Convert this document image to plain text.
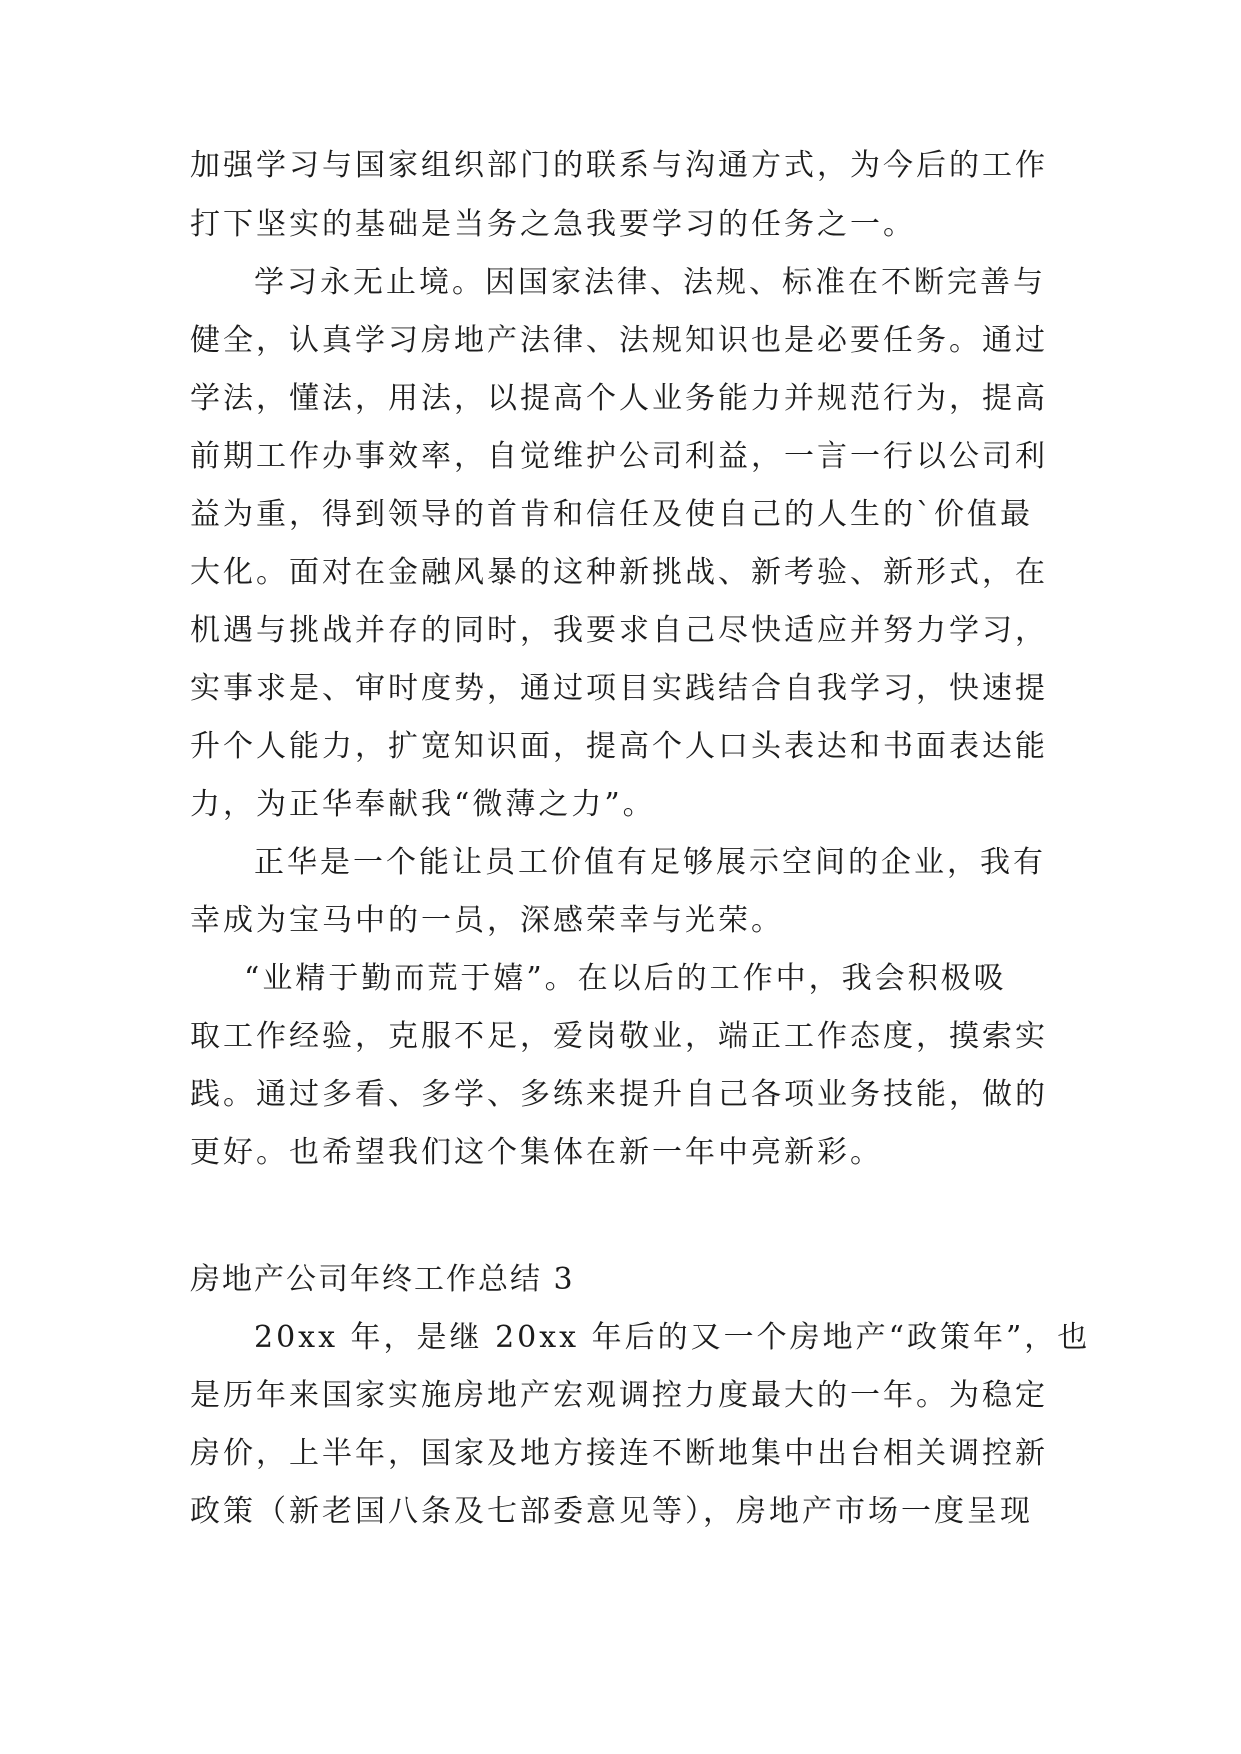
加强学习与国家组织部门的联系与沟通方式，为今后的工作
打下坚实的基础是当务之急我要学习的任务之一。
学习永无止境。因国家法律、法规、标准在不断完善与
健全，认真学习房地产法律、法规知识也是必要任务。通过
学法，懂法，用法，以提高个人业务能力并规范行为，提高
前期工作办事效率，自觉维护公司利益，一言一行以公司利
益为重，得到领导的首肯和信任及使自己的人生的`价值最
大化。面对在金融风暴的这种新挑战、新考验、新形式，在
机遇与挑战并存的同时，我要求自己尽快适应并努力学习，
实事求是、审时度势，通过项目实践结合自我学习，快速提
升个人能力，扩宽知识面，提高个人口头表达和书面表达能
力，为正华奉献我“微薄之力”。
正华是一个能让员工价值有足够展示空间的企业，我有
幸成为宝马中的一员，深感荣幸与光荣。
“业精于勤而荒于嬉”。在以后的工作中，我会积极吸
取工作经验，克服不足，爱岗敬业，端正工作态度，摸索实
践。通过多看、多学、多练来提升自己各项业务技能，做的
更好。也希望我们这个集体在新一年中亮新彩。
房地产公司年终工作总结 3
20xx 年，是继 20xx 年后的又一个房地产“政策年”，也
是历年来国家实施房地产宏观调控力度最大的一年。为稳定
房价，上半年，国家及地方接连不断地集中出台相关调控新
政策（新老国八条及七部委意见等），房地产市场一度呈现
